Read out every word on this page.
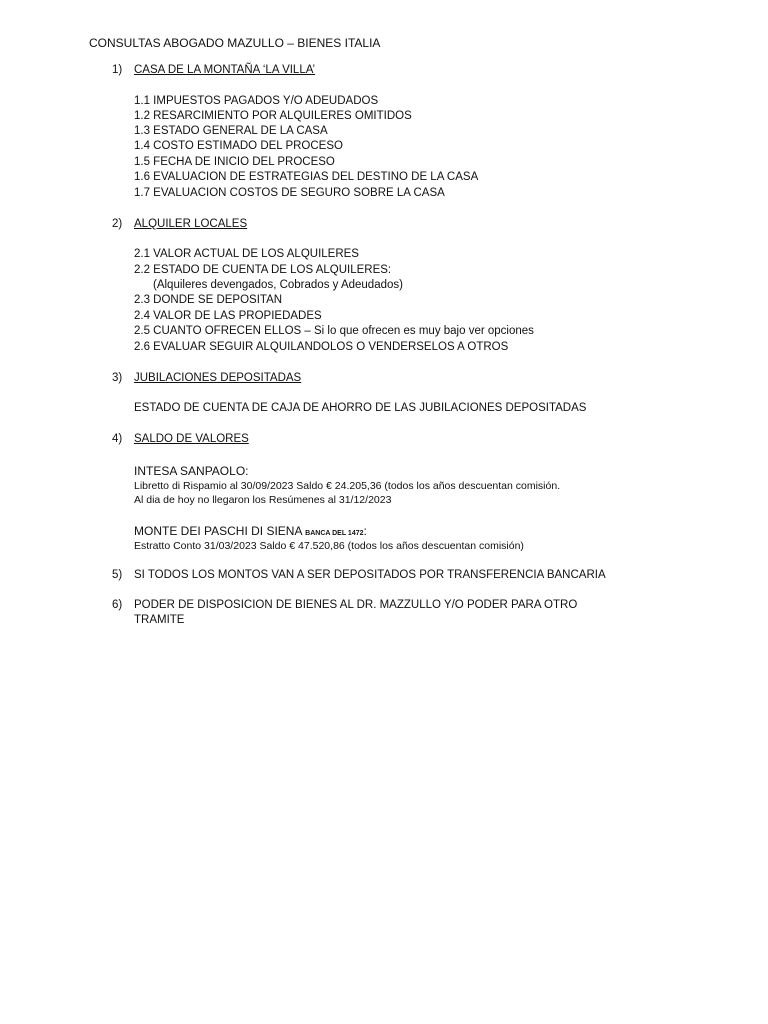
CONSULTAS ABOGADO MAZULLO – BIENES ITALIA
1) CASA DE LA MONTAÑA ‘LA VILLA’
1.1 IMPUESTOS PAGADOS Y/O ADEUDADOS
1.2 RESARCIMIENTO POR ALQUILERES OMITIDOS
1.3 ESTADO GENERAL DE LA CASA
1.4 COSTO ESTIMADO DEL PROCESO
1.5 FECHA DE INICIO DEL PROCESO
1.6 EVALUACION DE ESTRATEGIAS DEL DESTINO DE LA CASA
1.7 EVALUACION COSTOS DE SEGURO SOBRE LA CASA
2) ALQUILER LOCALES
2.1 VALOR ACTUAL DE LOS ALQUILERES
2.2 ESTADO DE CUENTA DE LOS ALQUILERES:
(Alquileres devengados, Cobrados y Adeudados)
2.3 DONDE SE DEPOSITAN
2.4 VALOR DE LAS PROPIEDADES
2.5 CUANTO OFRECEN ELLOS – Si lo que ofrecen es muy bajo ver opciones
2.6 EVALUAR SEGUIR ALQUILANDOLOS O VENDERSELOS A OTROS
3) JUBILACIONES DEPOSITADAS
ESTADO DE CUENTA DE CAJA DE AHORRO DE LAS JUBILACIONES DEPOSITADAS
4) SALDO DE VALORES
INTESA SANPAOLO:
Libretto di Rispamio al 30/09/2023 Saldo € 24.205,36 (todos los años descuentan comisión.
Al dia de hoy no llegaron los Resúmenes al 31/12/2023
MONTE DEI PASCHI DI SIENA BANCA DEL 1472:
Estratto Conto 31/03/2023 Saldo € 47.520,86 (todos los años descuentan comisión)
5) SI TODOS LOS MONTOS VAN A SER DEPOSITADOS POR TRANSFERENCIA BANCARIA
6) PODER DE DISPOSICION DE BIENES AL DR. MAZZULLO Y/O PODER PARA OTRO
TRAMITE
